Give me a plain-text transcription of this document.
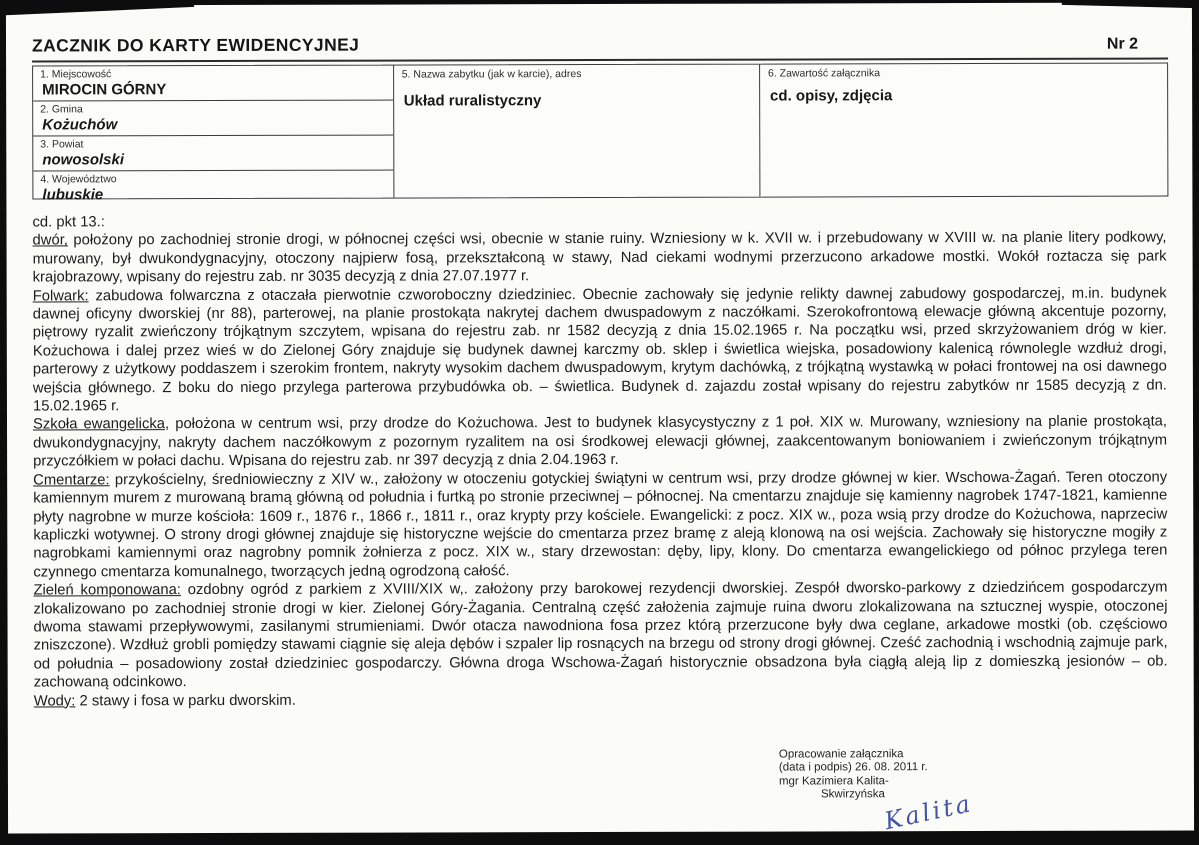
ZACZNIK DO KARTY EWIDENCYJNEJ	Nr 2
1. Miejscowość
MIROCIN GÓRNY
2. Gmina
Kożuchów
3. Powiat
nowosolski
4. Województwo
lubuskie
5. Nazwa zabytku (jak w karcie), adres
Układ ruralistyczny
6. Zawartość załącznika
cd. opisy, zdjęcia
cd. pkt 13.:

dwór, położony po zachodniej stronie drogi, w północnej części wsi, obecnie w stanie ruiny. Wzniesiony w k. XVII w. i przebudowany w XVIII w. na planie litery podkowy, murowany, był dwukondygnacyjny, otoczony najpierw fosą, przekształconą w stawy, Nad ciekami wodnymi przerzucono arkadowe mostki. Wokół roztacza się park krajobrazowy, wpisany do rejestru zab. nr 3035 decyzją z dnia 27.07.1977 r.

Folwark: zabudowa folwarczna z otaczała pierwotnie czworoboczny dziedziniec. Obecnie zachowały się jedynie relikty dawnej zabudowy gospodarczej, m.in. budynek dawnej oficyny dworskiej (nr 88), parterowej, na planie prostokąta nakrytej dachem dwuspadowym z naczółkami. Szerokofrontową elewacje główną akcentuje pozorny, piętrowy ryzalit zwieńczony trójkątnym szczytem, wpisana do rejestru zab. nr 1582 decyzją z dnia 15.02.1965 r. Na początku wsi, przed skrzyżowaniem dróg w kier. Kożuchowa i dalej przez wieś w do Zielonej Góry znajduje się budynek dawnej karczmy ob. sklep i świetlica wiejska, posadowiony kalenicą równolegle wzdłuż drogi, parterowy z użytkowy poddaszem i szerokim frontem, nakryty wysokim dachem dwuspadowym, krytym dachówką, z trójkątną wystawką w połaci frontowej na osi dawnego wejścia głównego. Z boku do niego przylega parterowa przybudówka ob. – świetlica. Budynek d. zajazdu został wpisany do rejestru zabytków nr 1585 decyzją z dn. 15.02.1965 r.

Szkoła ewangelicka, położona w centrum wsi, przy drodze do Kożuchowa. Jest to budynek klasycystyczny z 1 poł. XIX w. Murowany, wzniesiony na planie prostokąta, dwukondygnacyjny, nakryty dachem naczółkowym z pozornym ryzalitem na osi środkowej elewacji głównej, zaakcentowanym boniowaniem i zwieńczonym trójkątnym przyczółkiem w połaci dachu. Wpisana do rejestru zab. nr 397 decyzją z dnia 2.04.1963 r.

Cmentarze: przykościelny, średniowieczny z XIV w., założony w otoczeniu gotyckiej świątyni w centrum wsi, przy drodze głównej w kier. Wschowa-Żagań. Teren otoczony kamiennym murem z murowaną bramą główną od południa i furtką po stronie przeciwnej – północnej. Na cmentarzu znajduje się kamienny nagrobek 1747-1821, kamienne płyty nagrobne w murze kościoła: 1609 r., 1876 r., 1866 r., 1811 r., oraz krypty przy kościele. Ewangelicki: z pocz. XIX w., poza wsią przy drodze do Kożuchowa, naprzeciw kapliczki wotywnej. O strony drogi głównej znajduje się historyczne wejście do cmentarza przez bramę z aleją klonową na osi wejścia. Zachowały się historyczne mogiły z nagrobkami kamiennymi oraz nagrobny pomnik żołnierza z pocz. XIX w., stary drzewostan: dęby, lipy, klony. Do cmentarza ewangelickiego od północ przylega teren czynnego cmentarza komunalnego, tworzących jedną ogrodzoną całość.

Zieleń komponowana: ozdobny ogród z parkiem z XVIII/XIX w,. założony przy barokowej rezydencji dworskiej. Zespół dworsko-parkowy z dziedzińcem gospodarczym zlokalizowano po zachodniej stronie drogi w kier. Zielonej Góry-Żagania. Centralną część założenia zajmuje ruina dworu zlokalizowana na sztucznej wyspie, otoczonej dwoma stawami przepływowymi, zasilanymi strumieniami. Dwór otacza nawodniona fosa przez którą przerzucone były dwa ceglane, arkadowe mostki (ob. częściowo zniszczone). Wzdłuż grobli pomiędzy stawami ciągnie się aleja dębów i szpaler lip rosnących na brzegu od strony drogi głównej. Cześć zachodnią i wschodnią zajmuje park, od południa – posadowiony został dziedziniec gospodarczy. Główna droga Wschowa-Żagań historycznie obsadzona była ciągłą aleją lip z domieszką jesionów – ob. zachowaną odcinkowo.

Wody: 2 stawy i fosa w parku dworskim.

Opracowanie załącznika
(data i podpis) 26. 08. 2011 r.
mgr Kazimiera Kalita-
Skwirzyńska
Kalita
